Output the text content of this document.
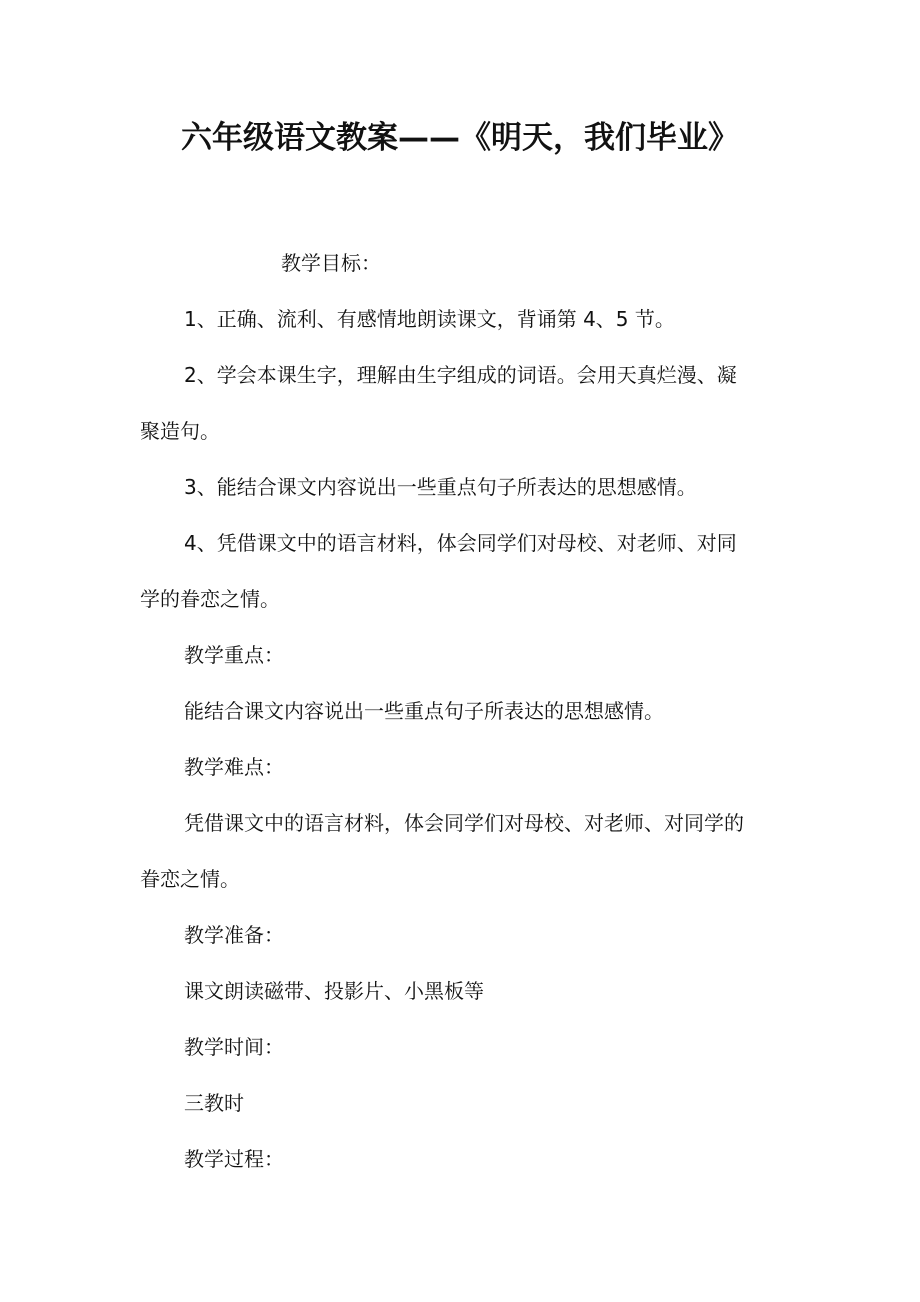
六年级语文教案——《明天，我们毕业》
教学目标：
1、正确、流利、有感情地朗读课文，背诵第 4、5 节。
2、学会本课生字，理解由生字组成的词语。会用天真烂漫、凝
聚造句。
3、能结合课文内容说出一些重点句子所表达的思想感情。
4、凭借课文中的语言材料，体会同学们对母校、对老师、对同
学的眷恋之情。
教学重点：
能结合课文内容说出一些重点句子所表达的思想感情。
教学难点：
凭借课文中的语言材料，体会同学们对母校、对老师、对同学的
眷恋之情。
教学准备：
课文朗读磁带、投影片、小黑板等
教学时间：
三教时
教学过程：
